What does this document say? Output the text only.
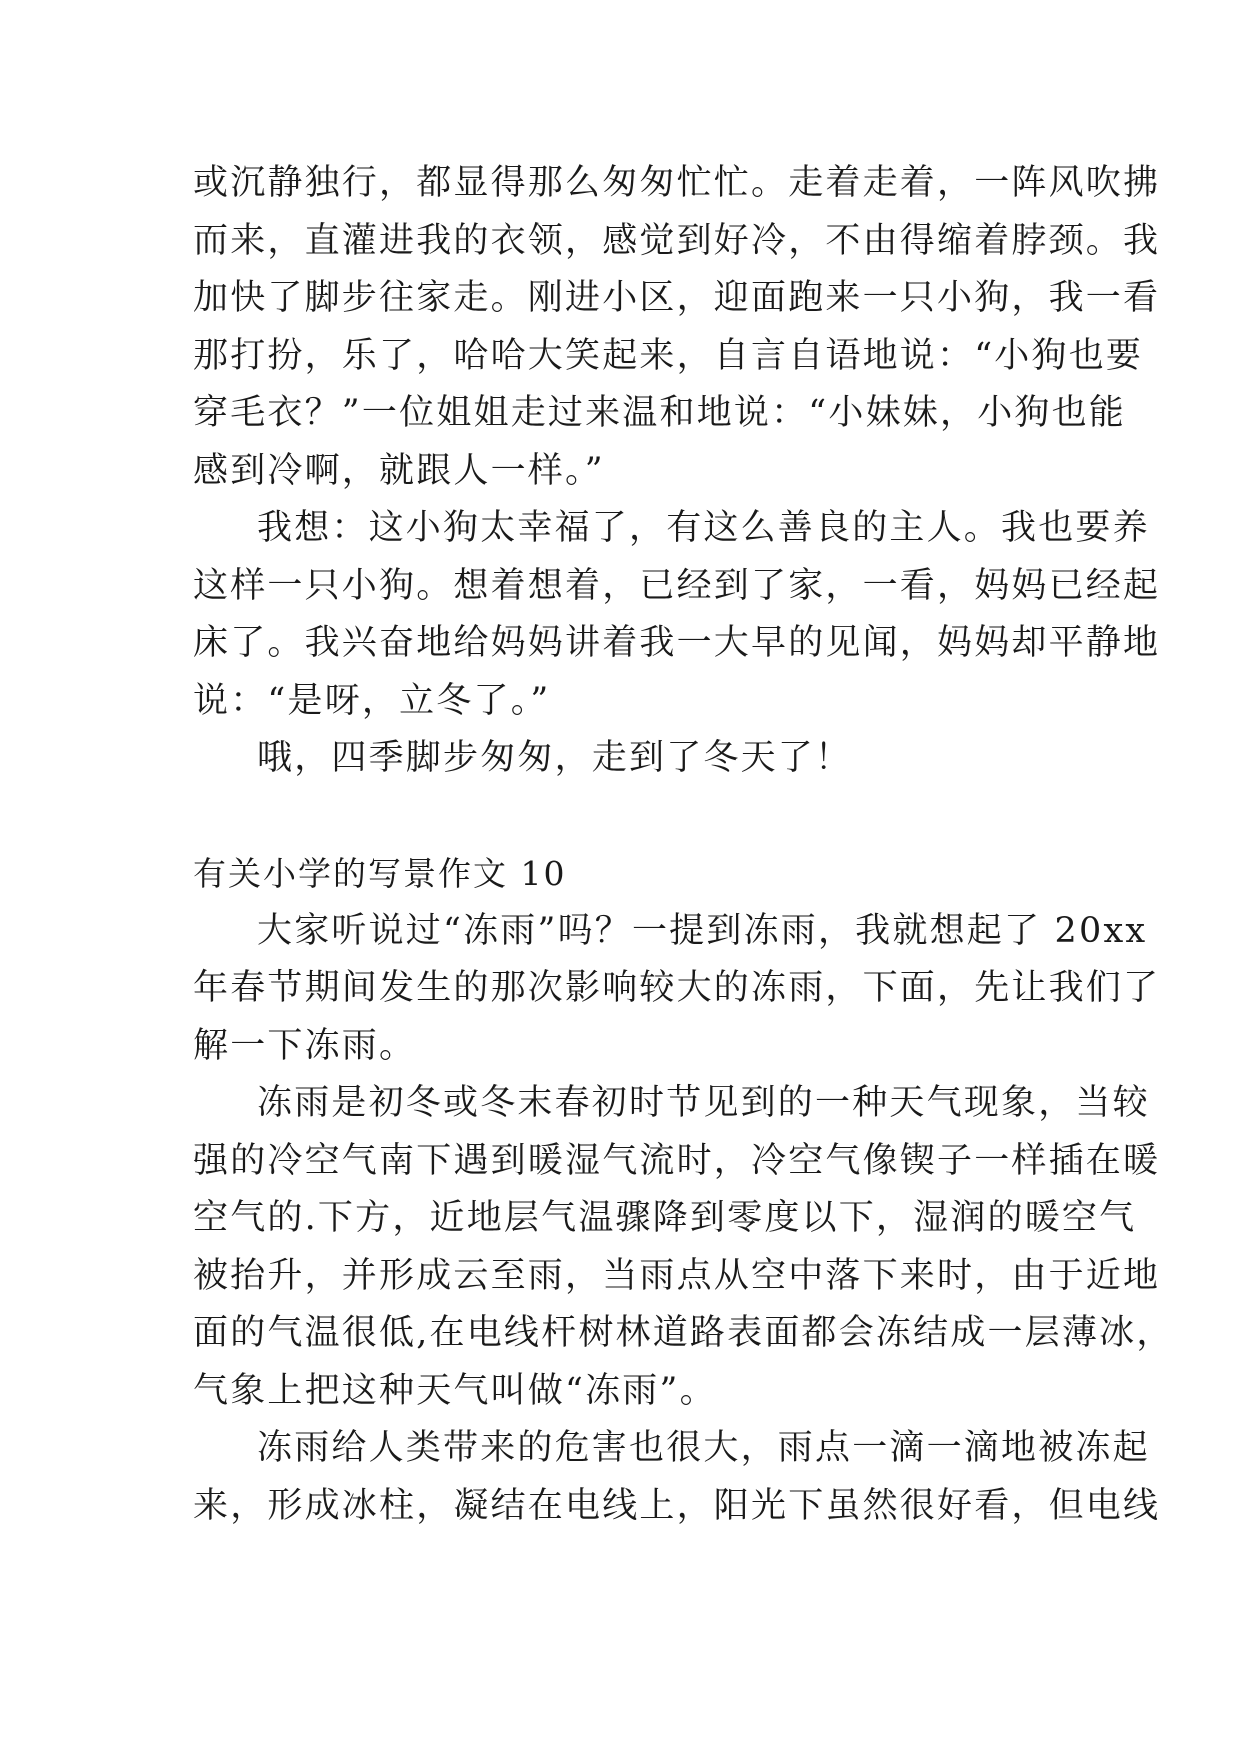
或沉静独行，都显得那么匆匆忙忙。走着走着，一阵风吹拂
而来，直灌进我的衣领，感觉到好冷，不由得缩着脖颈。我
加快了脚步往家走。刚进小区，迎面跑来一只小狗，我一看
那打扮，乐了，哈哈大笑起来，自言自语地说：“小狗也要
穿毛衣？”一位姐姐走过来温和地说：“小妹妹，小狗也能
感到冷啊，就跟人一样。”
我想：这小狗太幸福了，有这么善良的主人。我也要养
这样一只小狗。想着想着，已经到了家，一看，妈妈已经起
床了。我兴奋地给妈妈讲着我一大早的见闻，妈妈却平静地
说：“是呀，立冬了。”
哦，四季脚步匆匆，走到了冬天了！
有关小学的写景作文 10
大家听说过“冻雨”吗？一提到冻雨，我就想起了 20xx
年春节期间发生的那次影响较大的冻雨，下面，先让我们了
解一下冻雨。
冻雨是初冬或冬末春初时节见到的一种天气现象，当较
强的冷空气南下遇到暖湿气流时，冷空气像锲子一样插在暖
空气的.下方，近地层气温骤降到零度以下，湿润的暖空气
被抬升，并形成云至雨，当雨点从空中落下来时，由于近地
面的气温很低,在电线杆树林道路表面都会冻结成一层薄冰，
气象上把这种天气叫做“冻雨”。
冻雨给人类带来的危害也很大，雨点一滴一滴地被冻起
来，形成冰柱，凝结在电线上，阳光下虽然很好看，但电线
